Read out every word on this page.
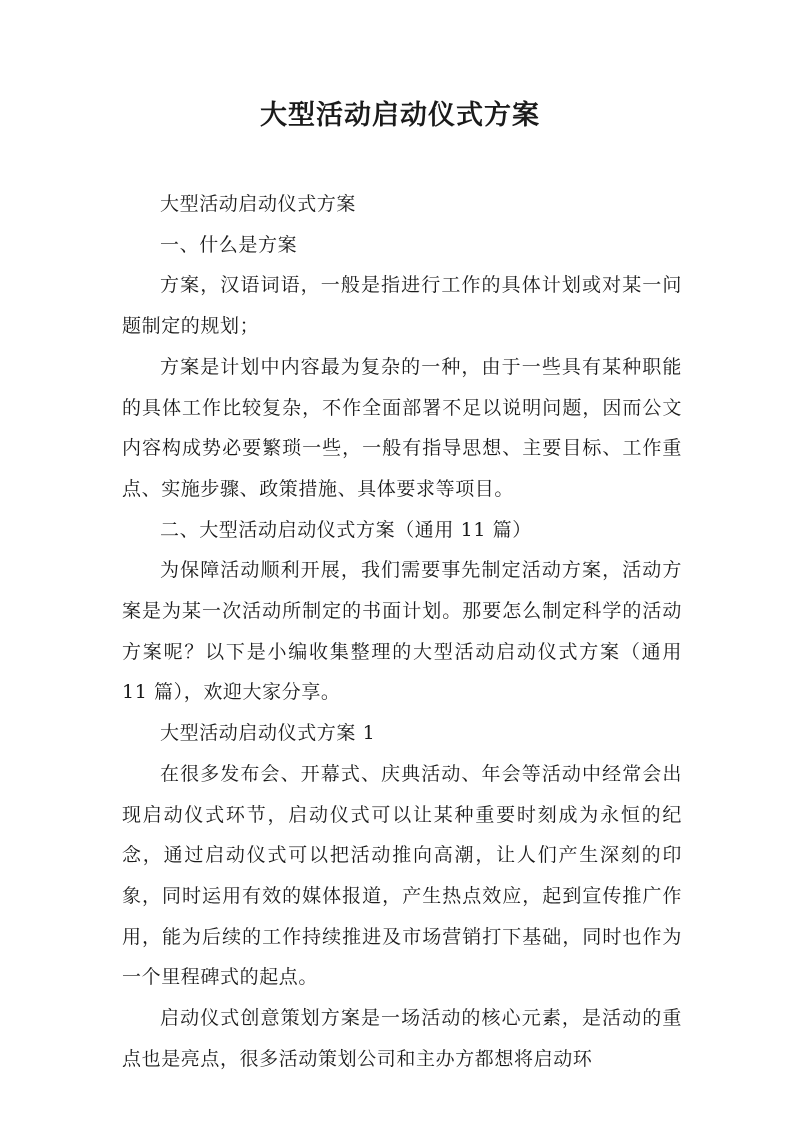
大型活动启动仪式方案

大型活动启动仪式方案

一、什么是方案

方案，汉语词语，一般是指进行工作的具体计划或对某一问题制定的规划；

方案是计划中内容最为复杂的一种，由于一些具有某种职能的具体工作比较复杂，不作全面部署不足以说明问题，因而公文内容构成势必要繁琐一些，一般有指导思想、主要目标、工作重点、实施步骤、政策措施、具体要求等项目。

二、大型活动启动仪式方案（通用 11 篇）

为保障活动顺利开展，我们需要事先制定活动方案，活动方案是为某一次活动所制定的书面计划。那要怎么制定科学的活动方案呢？以下是小编收集整理的大型活动启动仪式方案（通用 11 篇），欢迎大家分享。

大型活动启动仪式方案 1

在很多发布会、开幕式、庆典活动、年会等活动中经常会出现启动仪式环节，启动仪式可以让某种重要时刻成为永恒的纪念，通过启动仪式可以把活动推向高潮，让人们产生深刻的印象，同时运用有效的媒体报道，产生热点效应，起到宣传推广作用，能为后续的工作持续推进及市场营销打下基础，同时也作为一个里程碑式的起点。

启动仪式创意策划方案是一场活动的核心元素，是活动的重点也是亮点，很多活动策划公司和主办方都想将启动环
